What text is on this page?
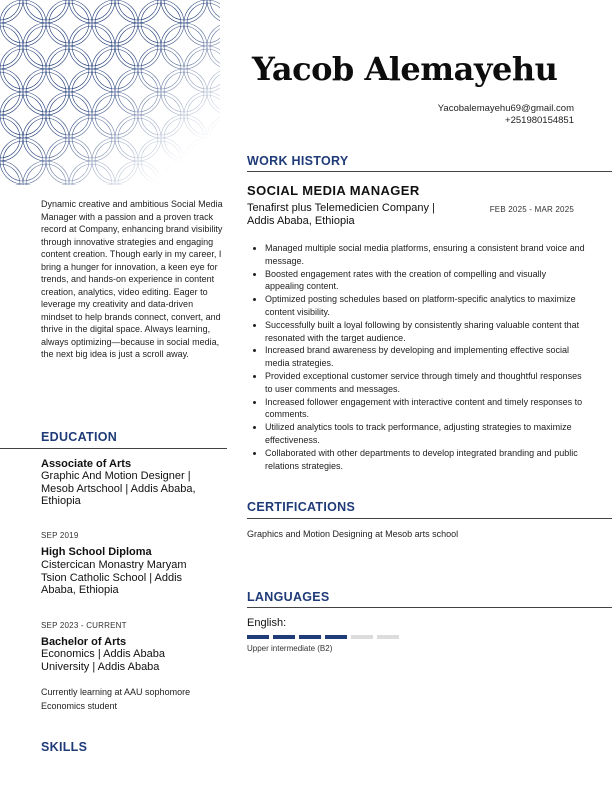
Yacob Alemayehu
Yacobalemayehu69@gmail.com
+251980154851

Dynamic creative and ambitious Social Media Manager with a passion and a proven track record at Company, enhancing brand visibility through innovative strategies and engaging content creation. Though early in my career, I bring a hunger for innovation, a keen eye for trends, and hands-on experience in content creation, analytics, video editing. Eager to leverage my creativity and data-driven mindset to help brands connect, convert, and thrive in the digital space. Always learning, always optimizing—because in social media, the next big idea is just a scroll away.

EDUCATION
Associate of Arts
Graphic And Motion Designer | Mesob Artschool | Addis Ababa, Ethiopia
SEP 2019
High School Diploma
Cistercican Monastry Maryam Tsion Catholic School | Addis Ababa, Ethiopia
SEP 2023 - CURRENT
Bachelor of Arts
Economics | Addis Ababa University | Addis Ababa
Currently learning at AAU sophomore Economics student
SKILLS
WORK HISTORY
SOCIAL MEDIA MANAGER
Tenafirst plus Telemedicien Company | Addis Ababa, Ethiopia
FEB 2025 - MAR 2025
• Managed multiple social media platforms, ensuring a consistent brand voice and message.
• Boosted engagement rates with the creation of compelling and visually appealing content.
• Optimized posting schedules based on platform-specific analytics to maximize content visibility.
• Successfully built a loyal following by consistently sharing valuable content that resonated with the target audience.
• Increased brand awareness by developing and implementing effective social media strategies.
• Provided exceptional customer service through timely and thoughtful responses to user comments and messages.
• Increased follower engagement with interactive content and timely responses to comments.
• Utilized analytics tools to track performance, adjusting strategies to maximize effectiveness.
• Collaborated with other departments to develop integrated branding and public relations strategies.
CERTIFICATIONS
Graphics and Motion Designing at Mesob arts school
LANGUAGES
English:
Upper intermediate (B2)
